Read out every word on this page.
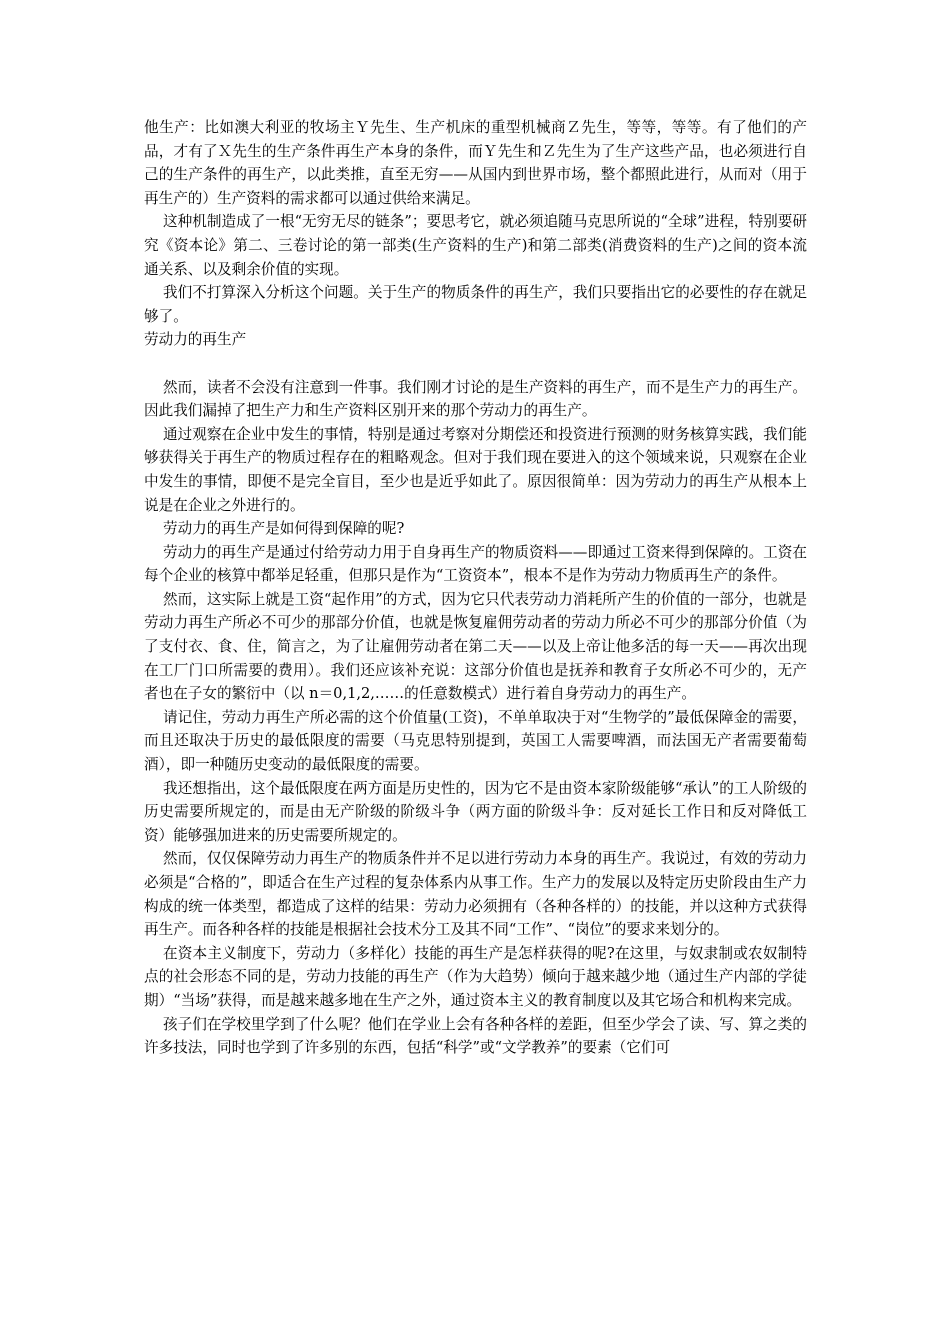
他生产：比如澳大利亚的牧场主Ｙ先生、生产机床的重型机械商Ｚ先生，等等，等等。有了他们的产品，才有了Ｘ先生的生产条件再生产本身的条件，而Ｙ先生和Ｚ先生为了生产这些产品，也必须进行自己的生产条件的再生产，以此类推，直至无穷——从国内到世界市场，整个都照此进行，从而对（用于再生产的）生产资料的需求都可以通过供给来满足。

这种机制造成了一根“无穷无尽的链条”；要思考它，就必须追随马克思所说的“全球”进程，特别要研究《资本论》第二、三卷讨论的第一部类(生产资料的生产)和第二部类(消费资料的生产)之间的资本流通关系、以及剩余价值的实现。

我们不打算深入分析这个问题。关于生产的物质条件的再生产，我们只要指出它的必要性的存在就足够了。

劳动力的再生产

然而，读者不会没有注意到一件事。我们刚才讨论的是生产资料的再生产，而不是生产力的再生产。因此我们漏掉了把生产力和生产资料区别开来的那个劳动力的再生产。

通过观察在企业中发生的事情，特别是通过考察对分期偿还和投资进行预测的财务核算实践，我们能够获得关于再生产的物质过程存在的粗略观念。但对于我们现在要进入的这个领域来说，只观察在企业中发生的事情，即便不是完全盲目，至少也是近乎如此了。原因很简单：因为劳动力的再生产从根本上说是在企业之外进行的。

劳动力的再生产是如何得到保障的呢?

劳动力的再生产是通过付给劳动力用于自身再生产的物质资料——即通过工资来得到保障的。工资在每个企业的核算中都举足轻重，但那只是作为“工资资本”，根本不是作为劳动力物质再生产的条件。

然而，这实际上就是工资“起作用”的方式，因为它只代表劳动力消耗所产生的价值的一部分，也就是劳动力再生产所必不可少的那部分价值，也就是恢复雇佣劳动者的劳动力所必不可少的那部分价值（为了支付衣、食、住，简言之，为了让雇佣劳动者在第二天——以及上帝让他多活的每一天——再次出现在工厂门口所需要的费用）。我们还应该补充说：这部分价值也是抚养和教育子女所必不可少的，无产者也在子女的繁衍中（以 n＝0,1,2,……的任意数模式）进行着自身劳动力的再生产。

请记住，劳动力再生产所必需的这个价值量(工资)，不单单取决于对“生物学的”最低保障金的需要，而且还取决于历史的最低限度的需要（马克思特别提到，英国工人需要啤酒，而法国无产者需要葡萄酒），即一种随历史变动的最低限度的需要。

我还想指出，这个最低限度在两方面是历史性的，因为它不是由资本家阶级能够“承认”的工人阶级的历史需要所规定的，而是由无产阶级的阶级斗争（两方面的阶级斗争：反对延长工作日和反对降低工资）能够强加进来的历史需要所规定的。

然而，仅仅保障劳动力再生产的物质条件并不足以进行劳动力本身的再生产。我说过，有效的劳动力必须是“合格的”，即适合在生产过程的复杂体系内从事工作。生产力的发展以及特定历史阶段由生产力构成的统一体类型，都造成了这样的结果：劳动力必须拥有（各种各样的）的技能，并以这种方式获得再生产。而各种各样的技能是根据社会技术分工及其不同“工作”、“岗位”的要求来划分的。

在资本主义制度下，劳动力（多样化）技能的再生产是怎样获得的呢?在这里，与奴隶制或农奴制特点的社会形态不同的是，劳动力技能的再生产（作为大趋势）倾向于越来越少地（通过生产内部的学徒期）“当场”获得，而是越来越多地在生产之外，通过资本主义的教育制度以及其它场合和机构来完成。

孩子们在学校里学到了什么呢？他们在学业上会有各种各样的差距，但至少学会了读、写、算之类的许多技法，同时也学到了许多别的东西，包括“科学”或“文学教养”的要素（它们可
